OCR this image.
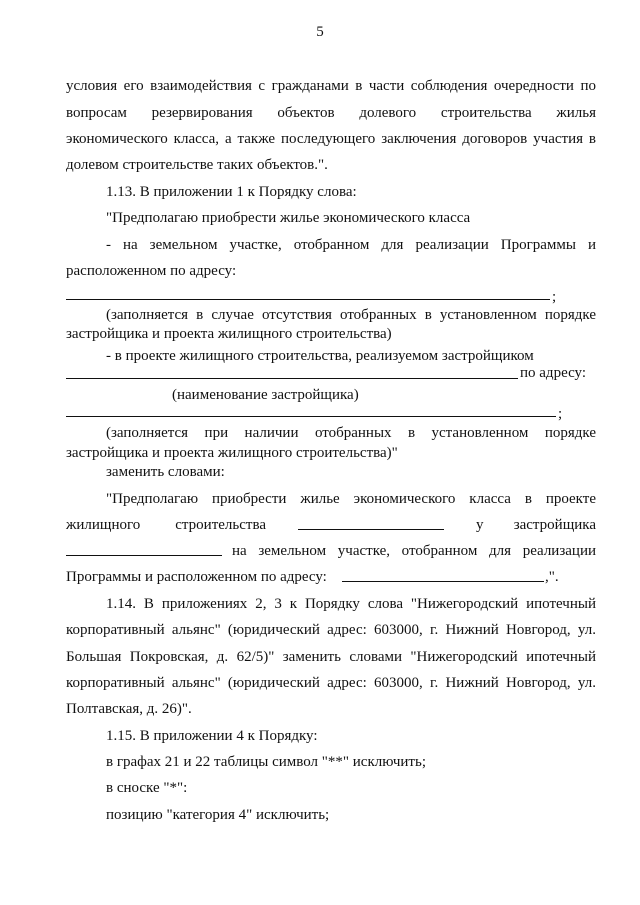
5
условия его взаимодействия с гражданами в части соблюдения очередности по
вопросам резервирования объектов долевого строительства жилья
экономического класса, а также последующего заключения договоров участия в
долевом строительстве таких объектов.".
1.13. В приложении 1 к Порядку слова:
"Предполагаю приобрести жилье экономического класса
- на земельном участке, отобранном для реализации Программы и
расположенном по адресу:
;
(заполняется в случае отсутствия отобранных в установленном порядке
застройщика и проекта жилищного строительства)
- в проекте жилищного строительства, реализуемом застройщиком
по адресу:
(наименование застройщика)
;
(заполняется при наличии отобранных в установленном порядке
застройщика и проекта жилищного строительства)"
заменить словами:
"Предполагаю приобрести жилье экономического класса в проекте
жилищного строительства	у застройщика
на земельном участке, отобранном для реализации
Программы и расположенном по адресу:	,".
1.14. В приложениях 2, 3 к Порядку слова "Нижегородский ипотечный
корпоративный альянс" (юридический адрес: 603000, г. Нижний Новгород, ул.
Большая Покровская, д. 62/5)" заменить словами "Нижегородский ипотечный
корпоративный альянс" (юридический адрес: 603000, г. Нижний Новгород, ул.
Полтавская, д. 26)".
1.15. В приложении 4 к Порядку:
в графах 21 и 22 таблицы символ "**" исключить;
в сноске "*":
позицию "категория 4" исключить;
